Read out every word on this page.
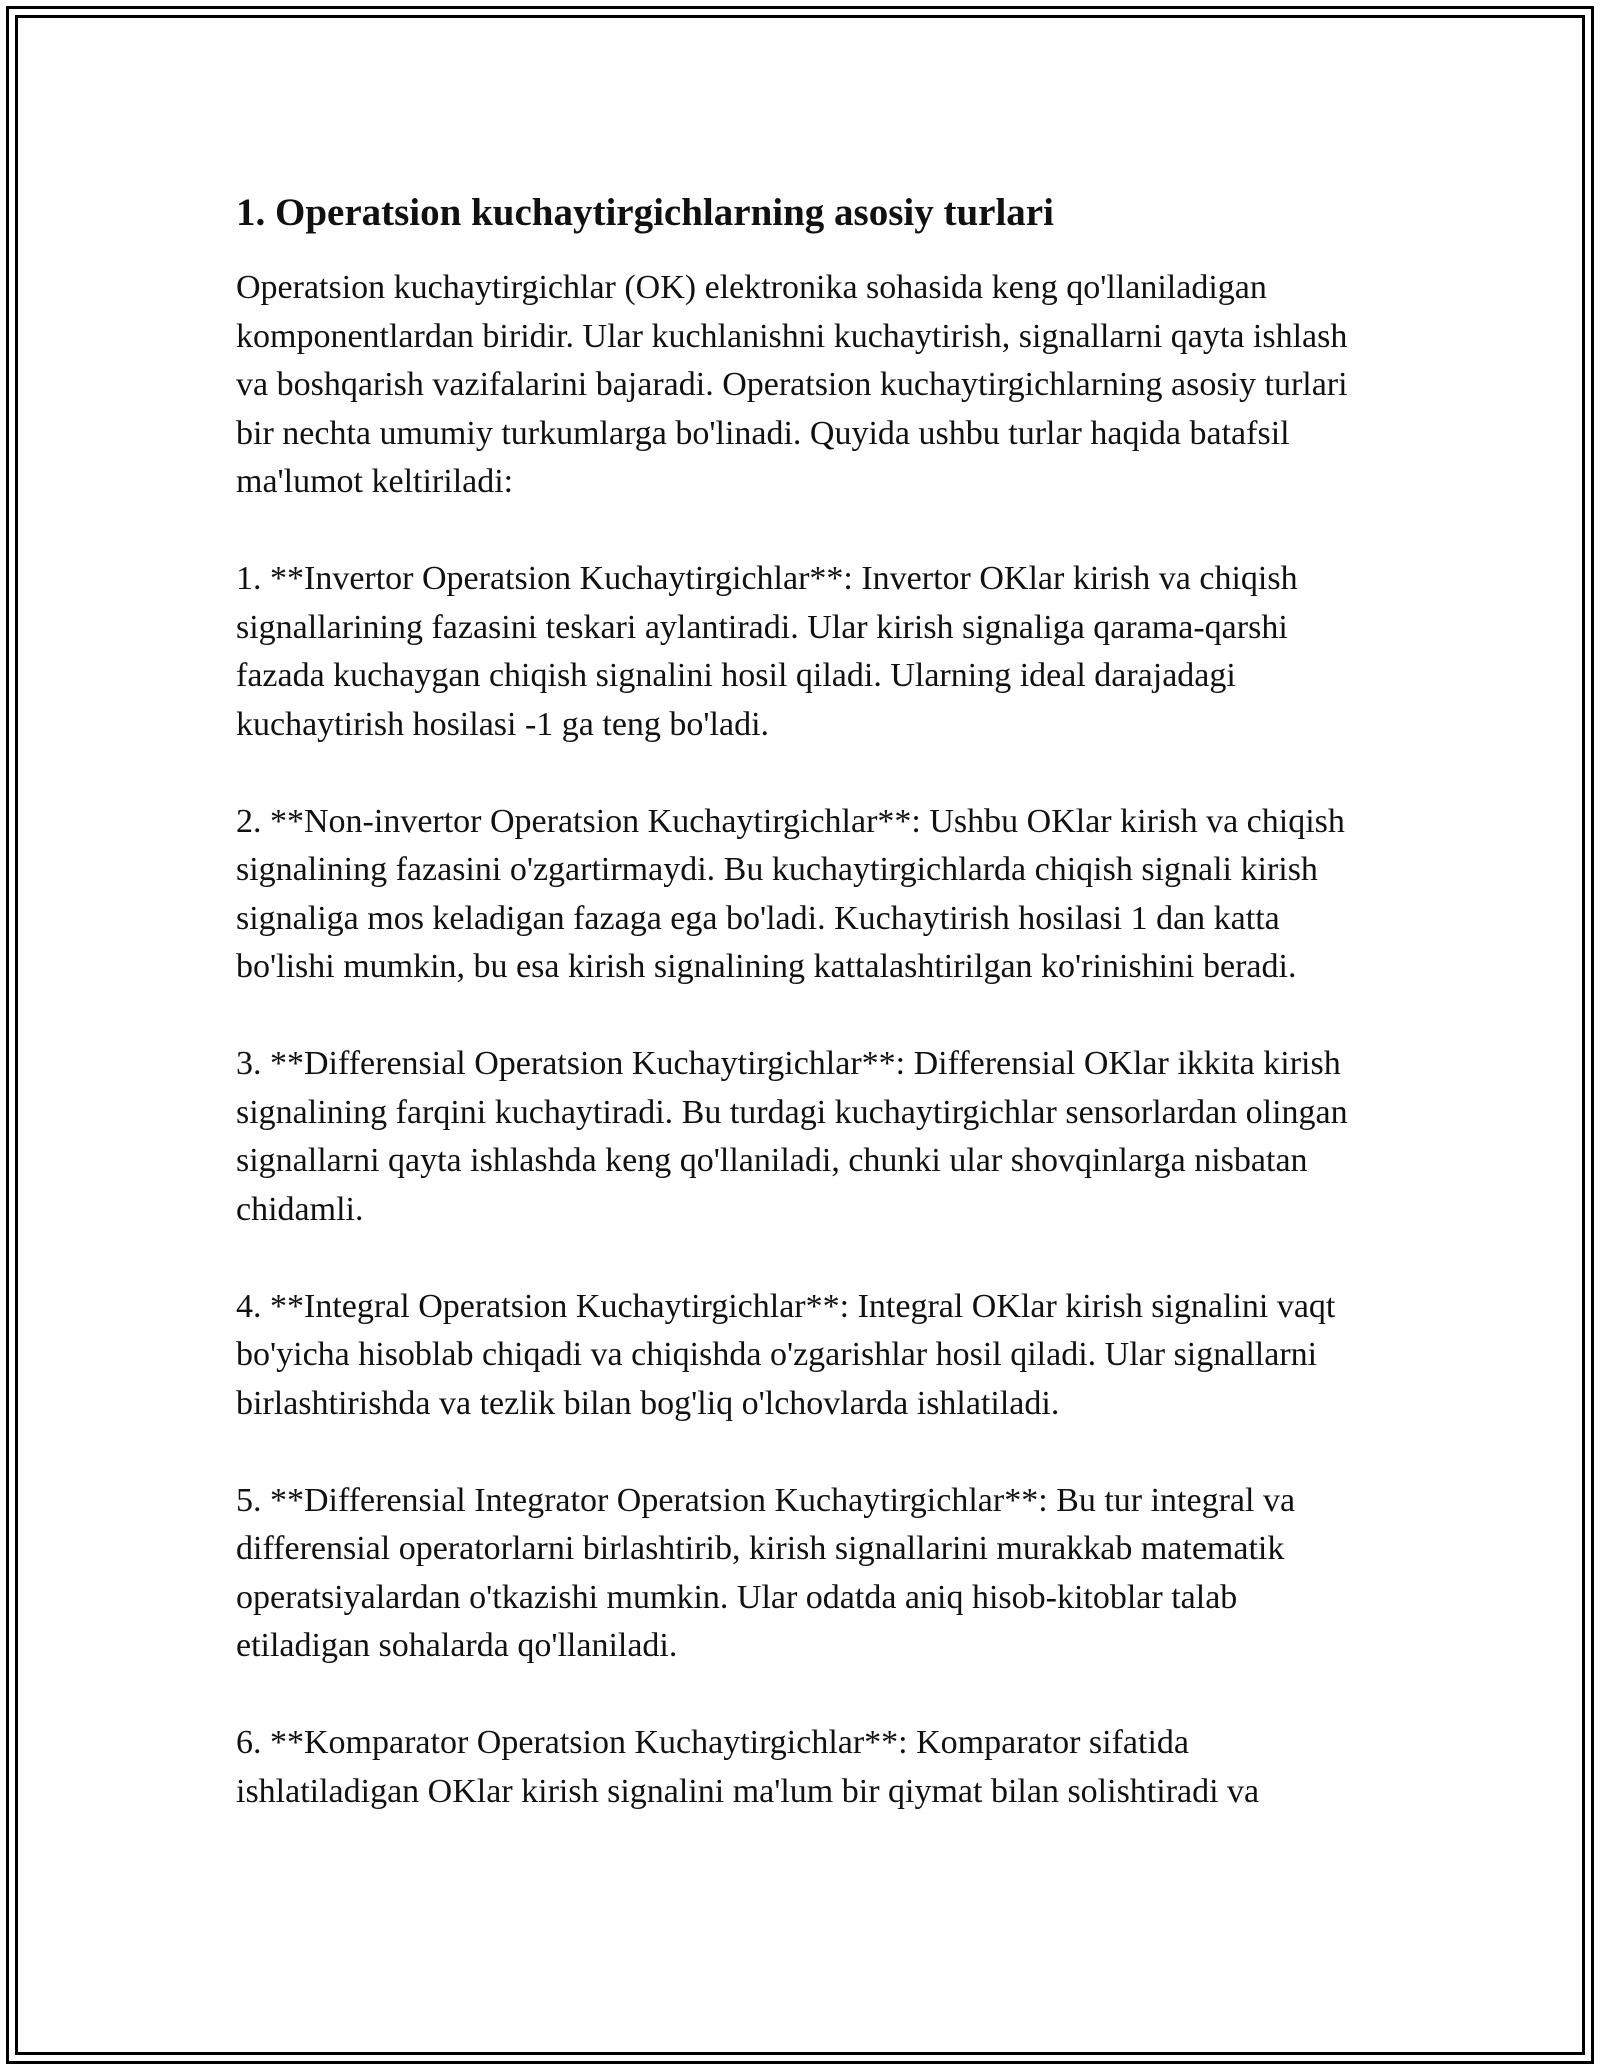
1. Operatsion kuchaytirgichlarning asosiy turlari

Operatsion kuchaytirgichlar (OK) elektronika sohasida keng qo'llaniladigan komponentlardan biridir. Ular kuchlanishni kuchaytirish, signallarni qayta ishlash va boshqarish vazifalarini bajaradi. Operatsion kuchaytirgichlarning asosiy turlari bir nechta umumiy turkumlarga bo'linadi. Quyida ushbu turlar haqida batafsil ma'lumot keltiriladi:

1. **Invertor Operatsion Kuchaytirgichlar**: Invertor OKlar kirish va chiqish signallarining fazasini teskari aylantiradi. Ular kirish signaliga qarama-qarshi fazada kuchaygan chiqish signalini hosil qiladi. Ularning ideal darajadagi kuchaytirish hosilasi -1 ga teng bo'ladi.

2. **Non-invertor Operatsion Kuchaytirgichlar**: Ushbu OKlar kirish va chiqish signalining fazasini o'zgartirmaydi. Bu kuchaytirgichlarda chiqish signali kirish signaliga mos keladigan fazaga ega bo'ladi. Kuchaytirish hosilasi 1 dan katta bo'lishi mumkin, bu esa kirish signalining kattalashtirilgan ko'rinishini beradi.

3. **Differensial Operatsion Kuchaytirgichlar**: Differensial OKlar ikkita kirish signalining farqini kuchaytiradi. Bu turdagi kuchaytirgichlar sensorlardan olingan signallarni qayta ishlashda keng qo'llaniladi, chunki ular shovqinlarga nisbatan chidamli.

4. **Integral Operatsion Kuchaytirgichlar**: Integral OKlar kirish signalini vaqt bo'yicha hisoblab chiqadi va chiqishda o'zgarishlar hosil qiladi. Ular signallarni birlashtirishda va tezlik bilan bog'liq o'lchovlarda ishlatiladi.

5. **Differensial Integrator Operatsion Kuchaytirgichlar**: Bu tur integral va differensial operatorlarni birlashtirib, kirish signallarini murakkab matematik operatsiyalardan o'tkazishi mumkin. Ular odatda aniq hisob-kitoblar talab etiladigan sohalarda qo'llaniladi.

6. **Komparator Operatsion Kuchaytirgichlar**: Komparator sifatida ishlatiladigan OKlar kirish signalini ma'lum bir qiymat bilan solishtiradi va
